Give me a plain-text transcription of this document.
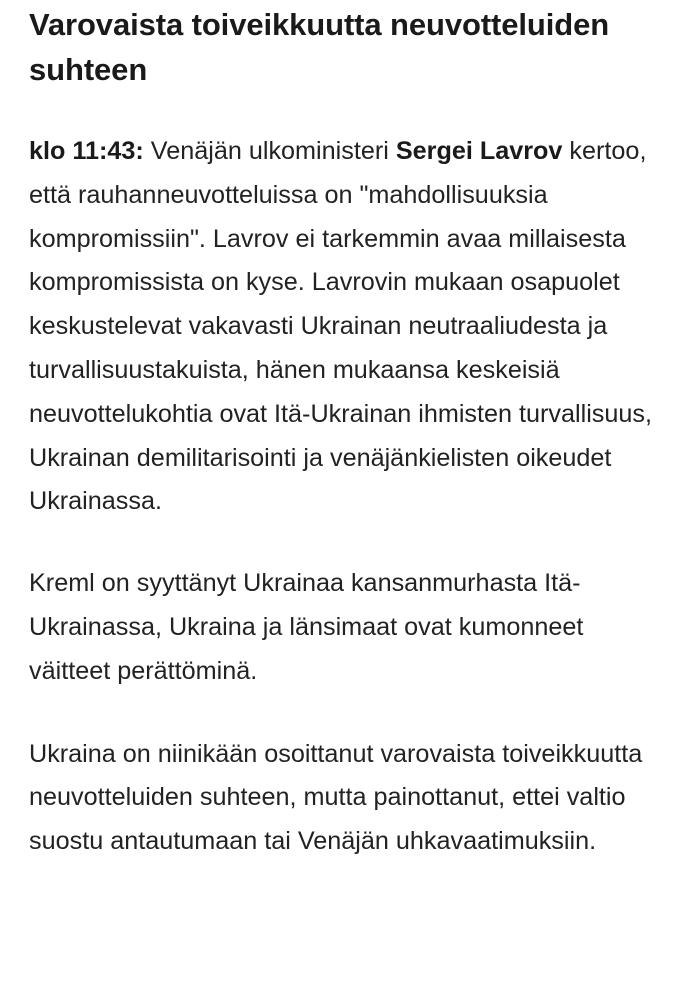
Varovaista toiveikkuutta neuvotteluiden suhteen

klo 11:43: Venäjän ulkoministeri Sergei Lavrov kertoo, että rauhanneuvotteluissa on "mahdollisuuksia kompromissiin". Lavrov ei tarkemmin avaa millaisesta kompromissista on kyse. Lavrovin mukaan osapuolet keskustelevat vakavasti Ukrainan neutraaliudesta ja turvallisuustakuista, hänen mukaansa keskeisiä neuvottelukohtia ovat Itä-Ukrainan ihmisten turvallisuus, Ukrainan demilitarisointi ja venäjänkielisten oikeudet Ukrainassa.

Kreml on syyttänyt Ukrainaa kansanmurhasta Itä-Ukrainassa, Ukraina ja länsimaat ovat kumonneet väitteet perättöminä.

Ukraina on niinikään osoittanut varovaista toiveikkuutta neuvotteluiden suhteen, mutta painottanut, ettei valtio suostu antautumaan tai Venäjän uhkavaatimuksiin.
